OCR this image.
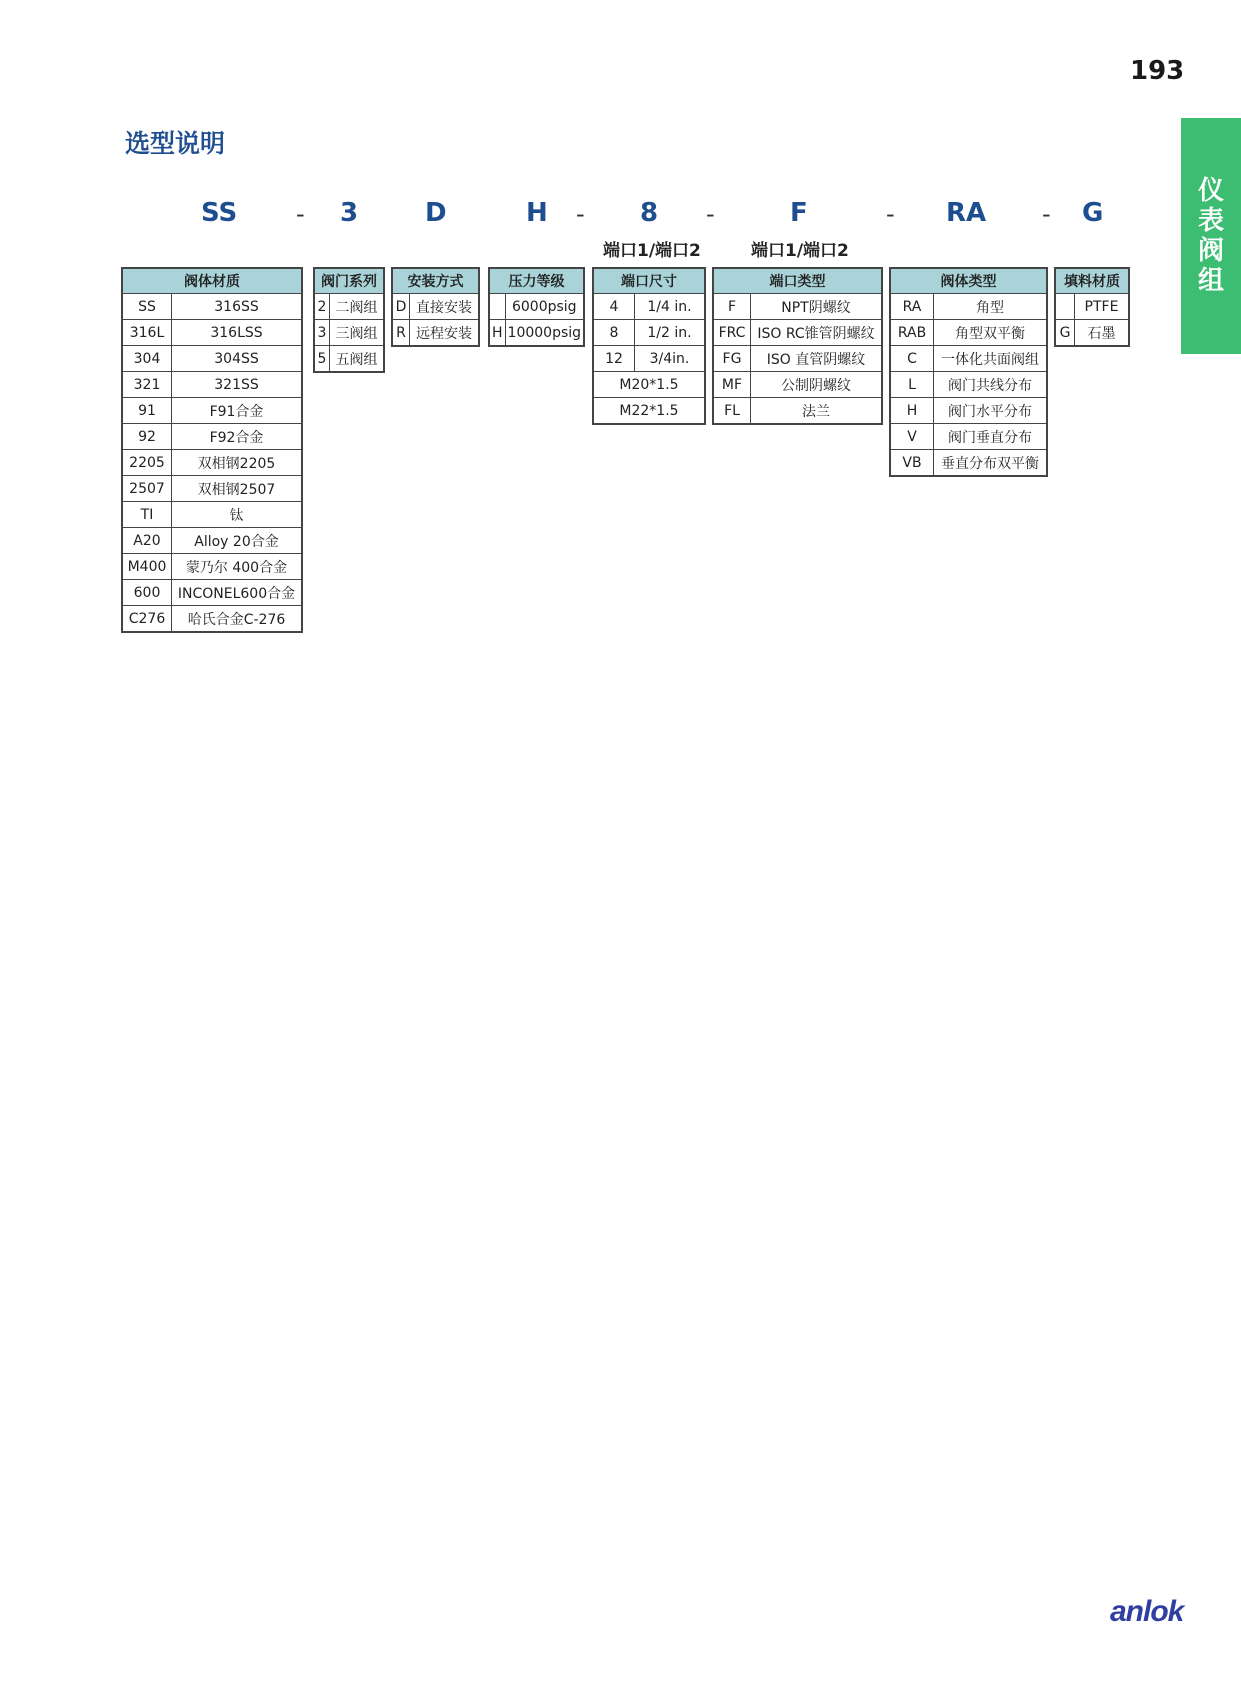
193
仪
表
阀
组
选型说明
SS - 3	D	H - 8 -	F	- RA - G
端口1/端口2	端口1/端口2
阀体材质	
SS	316SS
316L	316LSS
304	304SS
321	321SS
91	F91合金
92	F92合金
2205	双相钢2205
2507	双相钢2507
TI	钛
A20	Alloy 20合金
M400	蒙乃尔 400合金
600	INCONEL600合金
C276	哈氏合金C-276
阀门系列	
2	二阀组
3	三阀组
5	五阀组
安装方式	
D	直接安装
R	远程安装
压力等级	
	6000psig
H	10000psig
端口尺寸	
4	1/4 in.
8	1/2 in.
12	3/4in.
M20*1.5	
M22*1.5	
端口类型	
F	NPT阴螺纹
FRC	ISO RC锥管阴螺纹
FG	ISO 直管阴螺纹
MF	公制阴螺纹
FL	法兰
阀体类型	
RA	角型
RAB	角型双平衡
C	一体化共面阀组
L	阀门共线分布
H	阀门水平分布
V	阀门垂直分布
VB	垂直分布双平衡
填料材质	
	PTFE
G	石墨
anlok
